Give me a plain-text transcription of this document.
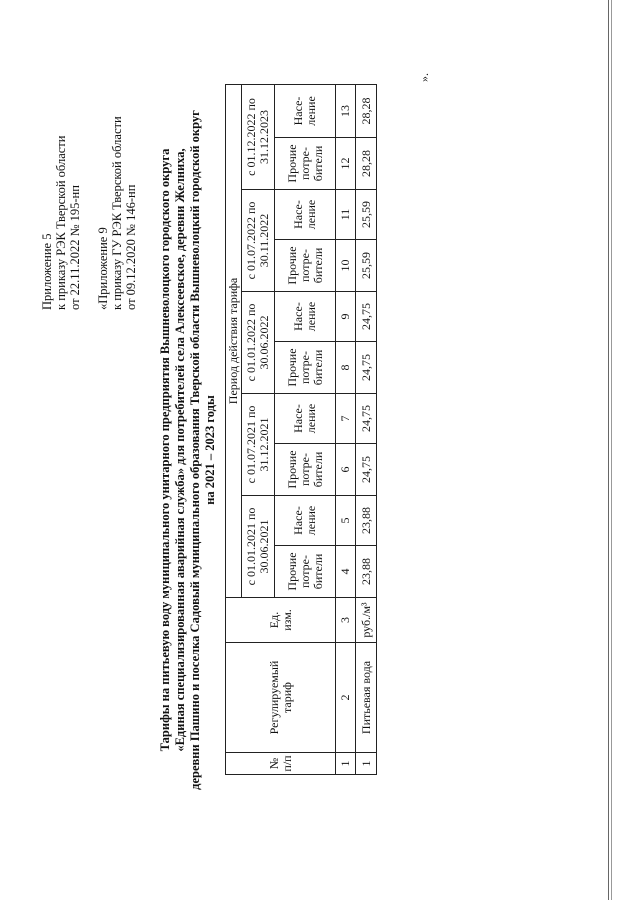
Приложение 5 к приказу РЭК Тверской области от 22.11.2022 № 195-нп «Приложение 9 к приказу ГУ РЭК Тверской области от 09.12.2020 № 146-нп Тарифы на питьевую воду муниципального унитарного предприятия Вышневолоцкого городского округа «Единая специализированная аварийная служба» для потребителей села Алексеевское, деревни Желниха, деревни Пашино и поселка Садовый муниципального образования Тверской области Вышневолоцкий городской округ на 2021 – 2023 годы
№ п/п	Регулируемый тариф	Ед. изм.	Период действия тарифа									
			с 01.01.2021 по 30.06.2021		с 01.07.2021 по 31.12.2021		с 01.01.2022 по 30.06.2022		с 01.07.2022 по 30.11.2022		с 01.12.2022 по 31.12.2023	
			Прочие потре-бители	Насе-ление	Прочие потре-бители	Насе-ление	Прочие потре-бители	Насе-ление	Прочие потре-бители	Насе-ление	Прочие потре-бители	Насе-ление
1	2	3	4	5	6	7	8	9	10	11	12	13
1	Питьевая вода	руб./м³	23,88	23,88	24,75	24,75	24,75	24,75	25,59	25,59	28,28	28,28
».
